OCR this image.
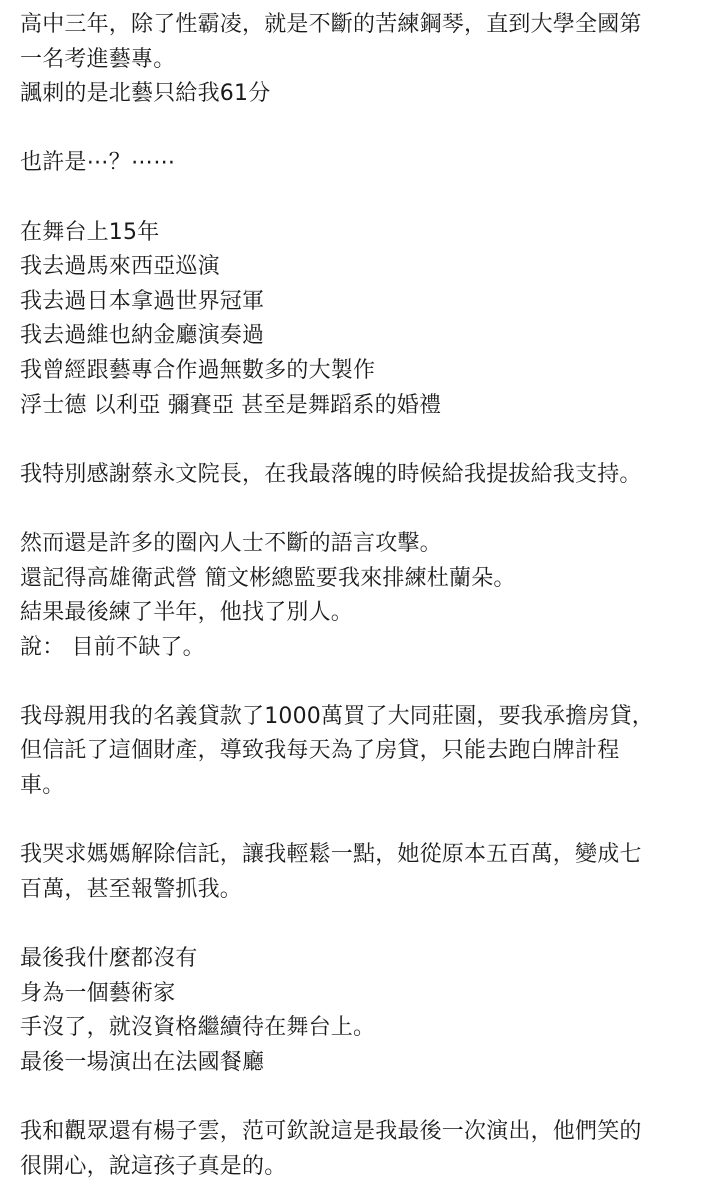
高中三年，除了性霸凌，就是不斷的苦練鋼琴，直到大學全國第
一名考進藝專。
諷刺的是北藝只給我61分
也許是⋯？⋯⋯
在舞台上15年
我去過馬來西亞巡演
我去過日本拿過世界冠軍
我去過維也納金廳演奏過
我曾經跟藝專合作過無數多的大製作
浮士德 以利亞 彌賽亞 甚至是舞蹈系的婚禮
我特別感謝蔡永文院長，在我最落魄的時候給我提拔給我支持。
然而還是許多的圈內人士不斷的語言攻擊。
還記得高雄衛武營 簡文彬總監要我來排練杜蘭朵。
結果最後練了半年，他找了別人。
說： 目前不缺了。
我母親用我的名義貸款了1000萬買了大同莊園，要我承擔房貸，
但信託了這個財產，導致我每天為了房貸，只能去跑白牌計程
車。
我哭求媽媽解除信託，讓我輕鬆一點，她從原本五百萬，變成七
百萬，甚至報警抓我。
最後我什麼都沒有
身為一個藝術家
手沒了，就沒資格繼續待在舞台上。
最後一場演出在法國餐廳
我和觀眾還有楊子雲，范可欽說這是我最後一次演出，他們笑的
很開心，說這孩子真是的。
